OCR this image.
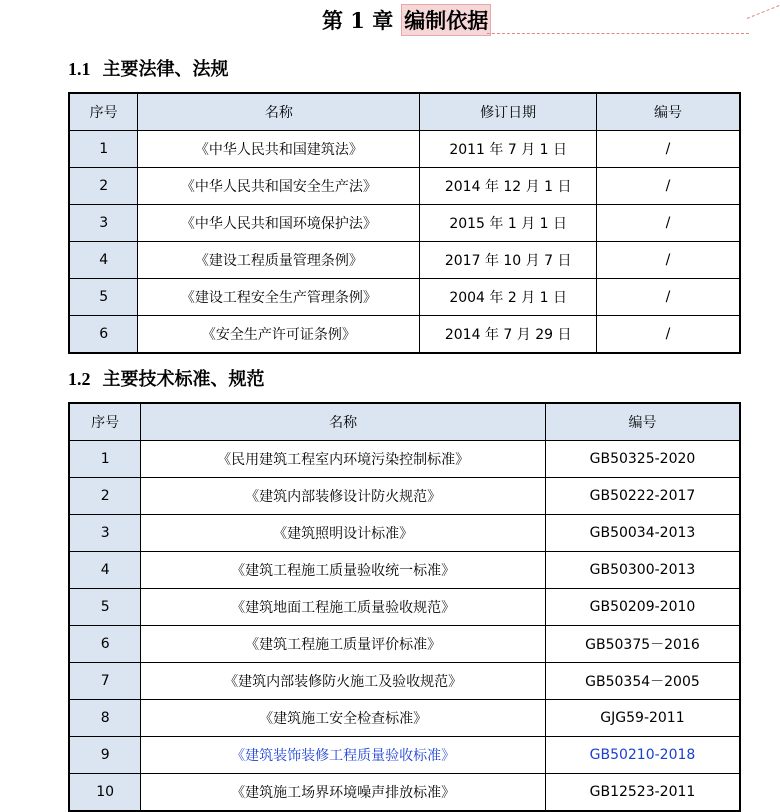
第 1 章 编制依据
1.1 主要法律、法规
序号	名称	修订日期	编号
1	《中华人民共和国建筑法》	2011 年 7 月 1 日	/
2	《中华人民共和国安全生产法》	2014 年 12 月 1 日	/
3	《中华人民共和国环境保护法》	2015 年 1 月 1 日	/
4	《建设工程质量管理条例》	2017 年 10 月 7 日	/
5	《建设工程安全生产管理条例》	2004 年 2 月 1 日	/
6	《安全生产许可证条例》	2014 年 7 月 29 日	/
1.2 主要技术标准、规范
序号	名称	编号
1	《民用建筑工程室内环境污染控制标准》	GB50325-2020
2	《建筑内部装修设计防火规范》	GB50222-2017
3	《建筑照明设计标准》	GB50034-2013
4	《建筑工程施工质量验收统一标准》	GB50300-2013
5	《建筑地面工程施工质量验收规范》	GB50209-2010
6	《建筑工程施工质量评价标准》	GB50375－2016
7	《建筑内部装修防火施工及验收规范》	GB50354－2005
8	《建筑施工安全检查标准》	GJG59-2011
9	《建筑装饰装修工程质量验收标准》	GB50210-2018
10	《建筑施工场界环境噪声排放标准》	GB12523-2011
